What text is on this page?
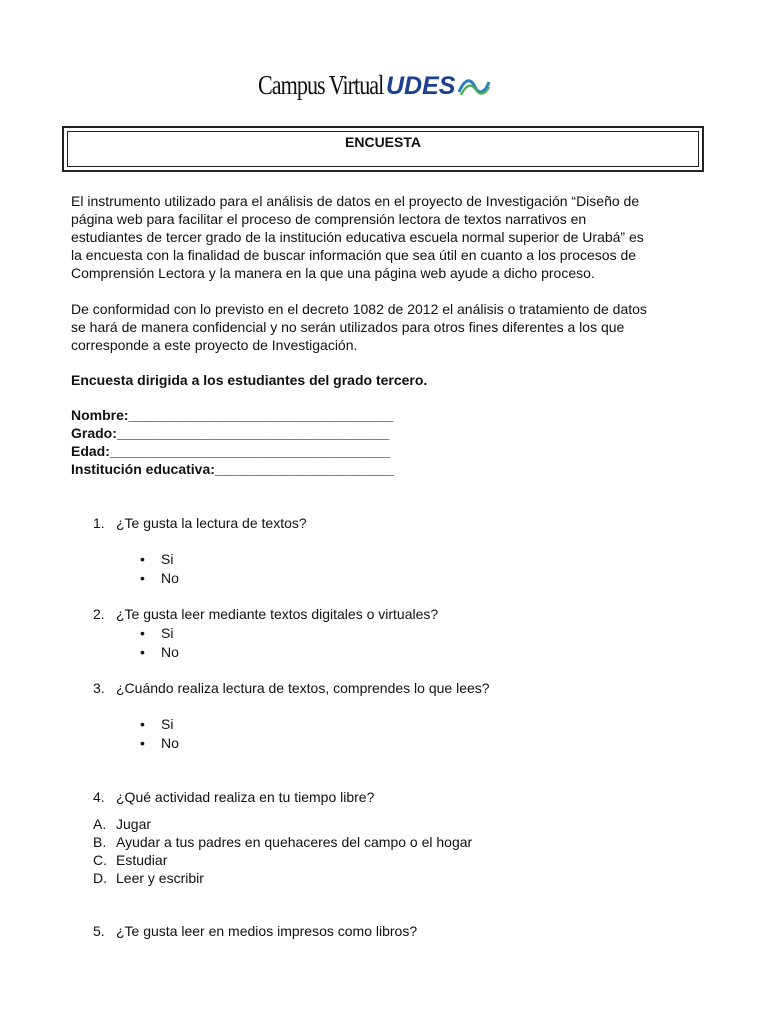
Campus Virtual UDES
ENCUESTA
El instrumento utilizado para el análisis de datos en el proyecto de Investigación “Diseño de
página web para facilitar el proceso de comprensión lectora de textos narrativos en
estudiantes de tercer grado de la institución educativa escuela normal superior de Urabá” es
la encuesta con la finalidad de buscar información que sea útil en cuanto a los procesos de
Comprensión Lectora y la manera en la que una página web ayude a dicho proceso.
De conformidad con lo previsto en el decreto 1082 de 2012 el análisis o tratamiento de datos
se hará de manera confidencial y no serán utilizados para otros fines diferentes a los que
corresponde a este proyecto de Investigación.
Encuesta dirigida a los estudiantes del grado tercero.
Nombre:__________________________________
Grado:___________________________________
Edad:____________________________________
Institución educativa:_______________________
1. ¿Te gusta la lectura de textos?
• Si
• No
2. ¿Te gusta leer mediante textos digitales o virtuales?
• Si
• No
3. ¿Cuándo realiza lectura de textos, comprendes lo que lees?
• Si
• No
4. ¿Qué actividad realiza en tu tiempo libre?
A. Jugar
B. Ayudar a tus padres en quehaceres del campo o el hogar
C. Estudiar
D. Leer y escribir
5. ¿Te gusta leer en medios impresos como libros?
